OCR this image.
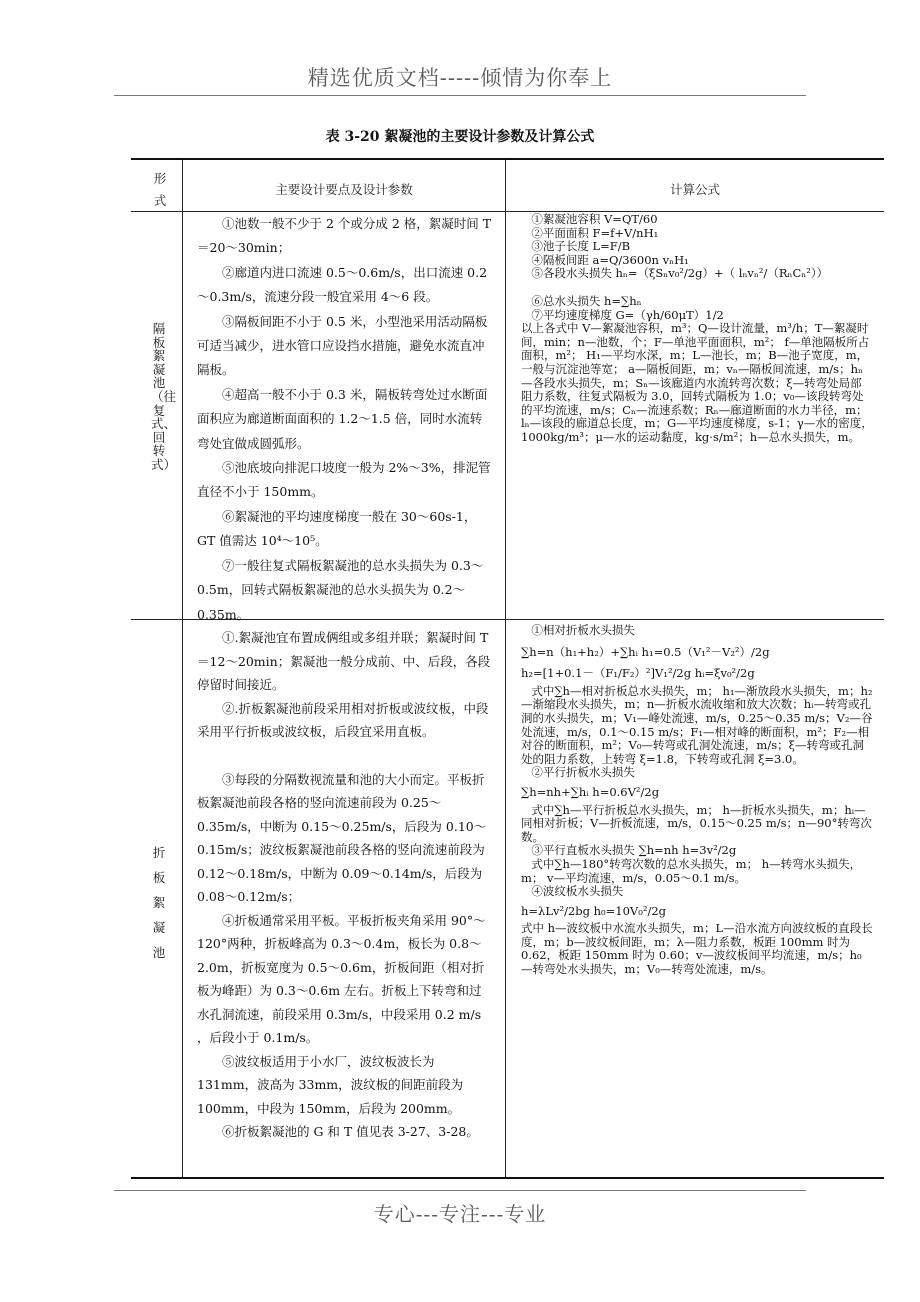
精选优质文档-----倾情为你奉上
表 3-20 絮凝池的主要设计参数及计算公式
形式
主要设计要点及设计参数	计算公式
隔板絮凝池（往复式、回转式）

①池数一般不少于 2 个或分成 2 格，絮凝时间 T＝20～30min；

②廊道内进口流速 0.5～0.6m/s，出口流速 0.2～0.3m/s，流速分段一般宜采用 4～6 段。

③隔板间距不小于 0.5 米，小型池采用活动隔板可适当减少，进水管口应设挡水措施，避免水流直冲隔板。

④超高一般不小于 0.3 米，隔板转弯处过水断面面积应为廊道断面面积的 1.2～1.5 倍，同时水流转弯处宜做成圆弧形。

⑤池底坡向排泥口坡度一般为 2%～3%，排泥管直径不小于 150mm。

⑥絮凝池的平均速度梯度一般在 30～60s-1，GT 值需达 10⁴～10⁵。

⑦一般往复式隔板絮凝池的总水头损失为 0.3～0.5m，回转式隔板絮凝池的总水头损失为 0.2～0.35m。

①絮凝池容积 V=QT/60

②平面面积 F=f+V/nH₁

③池子长度 L=F/B

④隔板间距 a=Q/3600n vₙH₁

⑤各段水头损失 hₙ=（ξSₙv₀²/2g）+（ lₙvₙ²/（RₙCₙ²））

⑥总水头损失 h=∑hₙ

⑦平均速度梯度 G=（γh/60μT）1/2

以上各式中 V—絮凝池容积，m³；Q—设计流量，m³/h；T—絮凝时间，min；n—池数，个；F—单池平面面积，m²； f—单池隔板所占面积，m²； H₁—平均水深，m；L—池长，m；B—池子宽度，m，一般与沉淀池等宽； a—隔板间距，m；vₙ—隔板间流速，m/s；hₙ—各段水头损失，m；Sₙ—该廊道内水流转弯次数；ξ—转弯处局部阻力系数，往复式隔板为 3.0，回转式隔板为 1.0；v₀—该段转弯处的平均流速，m/s；Cₙ—流速系数；Rₙ—廊道断面的水力半径，m；lₙ—该段的廊道总长度，m；G—平均速度梯度，s-1；γ—水的密度，1000kg/m³；μ—水的运动黏度，kg·s/m²；h—总水头损失，m。

折板絮凝池

①.絮凝池宜布置成俩组或多组并联；絮凝时间 T＝12～20min；絮凝池一般分成前、中、后段，各段停留时间接近。

②.折板絮凝池前段采用相对折板或波纹板，中段采用平行折板或波纹板，后段宜采用直板。

③每段的分隔数视流量和池的大小而定。平板折板絮凝池前段各格的竖向流速前段为 0.25～0.35m/s，中断为 0.15～0.25m/s，后段为 0.10～0.15m/s；波纹板絮凝池前段各格的竖向流速前段为 0.12～0.18m/s，中断为 0.09～0.14m/s，后段为 0.08～0.12m/s；

④折板通常采用平板。平板折板夹角采用 90°～120°两种，折板峰高为 0.3～0.4m，板长为 0.8～2.0m，折板宽度为 0.5～0.6m，折板间距（相对折板为峰距）为 0.3～0.6m 左右。折板上下转弯和过水孔洞流速，前段采用 0.3m/s，中段采用 0.2 m/s ，后段小于 0.1m/s。

⑤波纹板适用于小水厂，波纹板波长为 131mm，波高为 33mm，波纹板的间距前段为 100mm，中段为 150mm，后段为 200mm。

⑥折板絮凝池的 G 和 T 值见表 3-27、3-28。

①相对折板水头损失

∑h=n（h₁+h₂）+∑hᵢ h₁=0.5（V₁²－V₂²）/2g

h₂=[1+0.1－（F₁/F₂）²]V₁²/2g hᵢ=ξv₀²/2g

式中∑h—相对折板总水头损失，m； h₁—渐放段水头损失，m；h₂—渐缩段水头损失，m；n—折板水流收缩和放大次数；hᵢ—转弯或孔洞的水头损失，m；V₁—峰处流速，m/s，0.25～0.35 m/s；V₂—谷处流速，m/s，0.1～0.15 m/s；F₁—相对峰的断面积，m²；F₂—相对谷的断面积，m²；V₀—转弯或孔洞处流速，m/s；ξ—转弯或孔洞处的阻力系数，上转弯 ξ=1.8，下转弯或孔洞 ξ=3.0。

②平行折板水头损失

∑h=nh+∑hᵢ h=0.6V²/2g

式中∑h—平行折板总水头损失，m； h—折板水头损失，m；hᵢ—同相对折板；V—折板流速，m/s，0.15～0.25 m/s；n—90°转弯次数。

③平行直板水头损失 ∑h=nh h=3v²/2g

式中∑h—180°转弯次数的总水头损失，m； h—转弯水头损失，m； v—平均流速，m/s，0.05～0.1 m/s。

④波纹板水头损失

h=λLv²/2bg h₀=10V₀²/2g

式中 h—波纹板中水流水头损失，m；L—沿水流方向波纹板的直段长度，m；b—波纹板间距，m；λ—阻力系数，板距 100mm 时为 0.62，板距 150mm 时为 0.60；v—波纹板间平均流速，m/s；h₀—转弯处水头损失，m；V₀—转弯处流速，m/s。

专心---专注---专业
